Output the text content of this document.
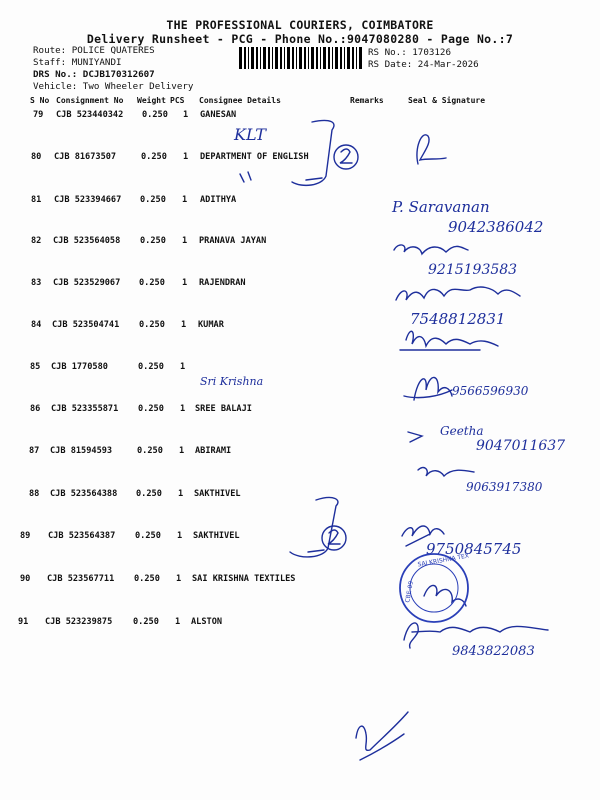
THE PROFESSIONAL COURIERS, COIMBATORE
Delivery Runsheet - PCG - Phone No.:9047080280 - Page No.:7
Route: POLICE QUATERES
Staff: MUNIYANDI
DRS No.: DCJB170312607
Vehicle: Two Wheeler Delivery
RS No.: 1703126
RS Date: 24-Mar-2026
S No Consignment No Weight PCS Consignee Details	Remarks	Seal & Signature
79 CJB 523440342 0.250 1 GANESAN
80 CJB 81673507	0.250 1 DEPARTMENT OF ENGLISH
81 CJB 523394667 0.250 1 ADITHYA
82 CJB 523564058 0.250 1 PRANAVA JAYAN
83 CJB 523529067 0.250 1 RAJENDRAN
84 CJB 523504741 0.250 1 KUMAR
85 CJB 1770580	0.250 1
86 CJB 523355871 0.250 1 SREE BALAJI
87 CJB 81594593	0.250 1 ABIRAMI
88 CJB 523564388 0.250 1 SAKTHIVEL
89 CJB 523564387 0.250 1 SAKTHIVEL
90 CJB 523567711 0.250 1 SAI KRISHNA TEXTILES
91 CJB 523239875 0.250 1 ALSTON
KLT
P. Saravanan
9042386042
9215193583
7548812831
Sri Krishna
9566596930
Geetha
9047011637
9063917380
9750845745
9843822083
SAI KRISHNA TEX
CBE-09
